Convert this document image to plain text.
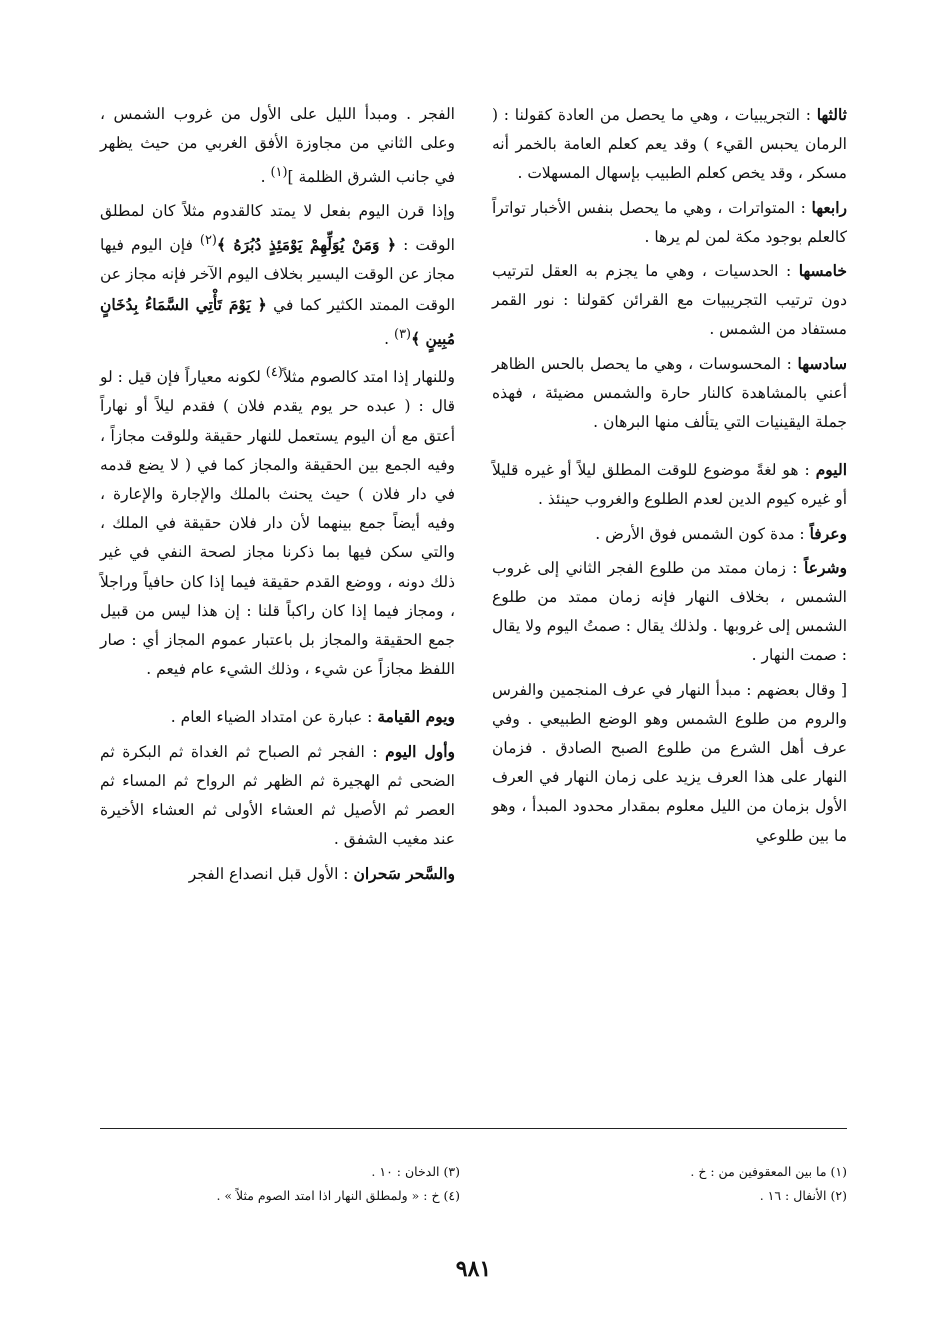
ثالثها : التجريبيات ، وهي ما يحصل من العادة كقولنا : ( الرمان يحبس القيء ) وقد يعم كعلم العامة بالخمر أنه مسكر ، وقد يخص كعلم الطبيب بإسهال المسهلات .

رابعها : المتواترات ، وهي ما يحصل بنفس الأخبار تواتراً كالعلم بوجود مكة لمن لم يرها .

خامسها : الحدسيات ، وهي ما يجزم به العقل لترتيب دون ترتيب التجريبيات مع القرائن كقولنا : نور القمر مستفاد من الشمس .

سادسها : المحسوسات ، وهي ما يحصل بالحس الظاهر أعني بالمشاهدة كالنار حارة والشمس مضيئة ، فهذه جملة اليقينيات التي يتألف منها البرهان .

اليوم : هو لغةً موضوع للوقت المطلق ليلاً أو غيره قليلاً أو غيره كيوم الدين لعدم الطلوع والغروب حينئذ .

وعرفاً : مدة كون الشمس فوق الأرض .

وشرعاً : زمان ممتد من طلوع الفجر الثاني إلى غروب الشمس ، بخلاف النهار فإنه زمان ممتد من طلوع الشمس إلى غروبها . ولذلك يقال : صمتُ اليوم ولا يقال : صمت النهار .

[ وقال بعضهم : مبدأ النهار في عرف المنجمين والفرس والروم من طلوع الشمس وهو الوضع الطبيعي . وفي عرف أهل الشرع من طلوع الصبح الصادق . فزمان النهار على هذا العرف يزيد على زمان النهار في العرف الأول بزمان من الليل معلوم بمقدار محدود المبدأ ، وهو ما بين طلوعي

الفجر . ومبدأ الليل على الأول من غروب الشمس ، وعلى الثاني من مجاوزة الأفق الغربي من حيث يظهر في جانب الشرق الظلمة ]$^{(١)}$ .

وإذا قرن اليوم بفعل لا يمتد كالقدوم مثلاً كان لمطلق الوقت : ﴿ وَمَنْ يُوَلِّهِمْ يَوْمَئِذٍ دُبُرَهُ ﴾$^{(٢)}$ فإن اليوم فيها مجاز عن الوقت اليسير بخلاف اليوم الآخر فإنه مجاز عن الوقت الممتد الكثير كما في ﴿ يَوْمَ تَأْتِي السَّمَاءُ بِدُخَانٍ مُبِينٍ ﴾$^{(٣)}$ .

وللنهار إذا امتد كالصوم مثلاً$^{(٤)}$ لكونه معياراً فإن قيل : لو قال : ( عبده حر يوم يقدم فلان ) فقدم ليلاً أو نهاراً أعتق مع أن اليوم يستعمل للنهار حقيقة وللوقت مجازاً ، وفيه الجمع بين الحقيقة والمجاز كما في ( لا يضع قدمه في دار فلان ) حيث يحنث بالملك والإجارة والإعارة ، وفيه أيضاً جمع بينهما لأن دار فلان حقيقة في الملك ، والتي سكن فيها بما ذكرنا مجاز لصحة النفي في غير ذلك دونه ، ووضع القدم حقيقة فيما إذا كان حافياً وراجلاً ، ومجاز فيما إذا كان راكباً قلنا : إن هذا ليس من قبيل جمع الحقيقة والمجاز بل باعتبار عموم المجاز أي : صار اللفظ مجازاً عن شيء ، وذلك الشيء عام فيعم .

ويوم القيامة : عبارة عن امتداد الضياء العام .

وأول اليوم : الفجر ثم الصباح ثم الغداة ثم البكرة ثم الضحى ثم الهجيرة ثم الظهر ثم الرواح ثم المساء ثم العصر ثم الأصيل ثم العشاء الأولى ثم العشاء الأخيرة عند مغيب الشفق .

والسَّحر سَحران : الأول قبل انصداع الفجر

(١) ما بين المعقوفين من : خ .
(٢) الأنفال : ١٦ .
(٣) الدخان : ١٠ .
(٤) خ : « ولمطلق النهار اذا امتد الصوم مثلاً » .
٩٨١
